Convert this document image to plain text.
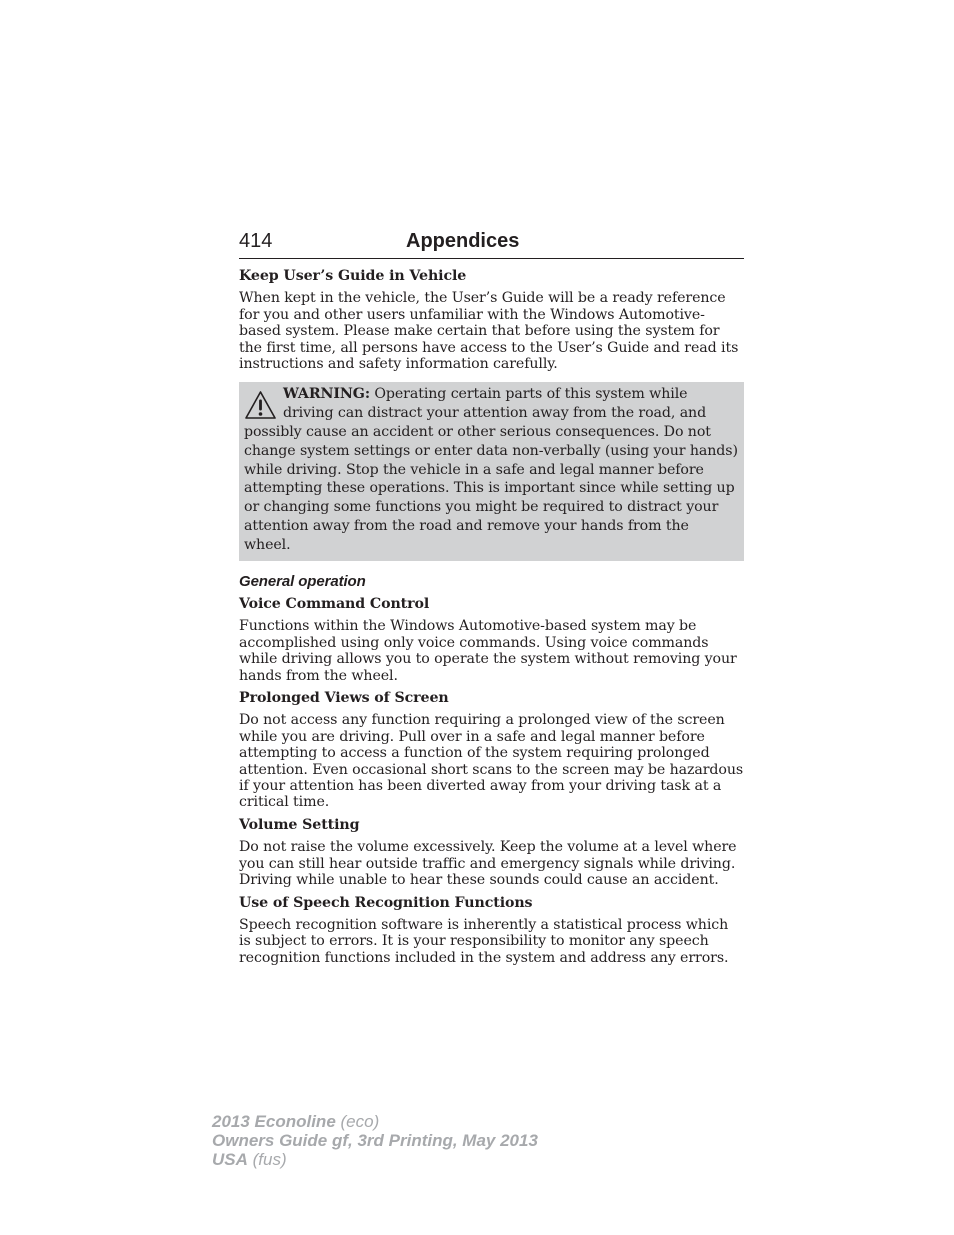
414	Appendices

Keep User’s Guide in Vehicle

When kept in the vehicle, the User’s Guide will be a ready reference for you and other users unfamiliar with the Windows Automotive-based system. Please make certain that before using the system for the first time, all persons have access to the User’s Guide and read its instructions and safety information carefully.

WARNING: Operating certain parts of this system while driving can distract your attention away from the road, and possibly cause an accident or other serious consequences. Do not change system settings or enter data non-verbally (using your hands) while driving. Stop the vehicle in a safe and legal manner before attempting these operations. This is important since while setting up or changing some functions you might be required to distract your attention away from the road and remove your hands from the wheel.

General operation

Voice Command Control

Functions within the Windows Automotive-based system may be accomplished using only voice commands. Using voice commands while driving allows you to operate the system without removing your hands from the wheel.

Prolonged Views of Screen

Do not access any function requiring a prolonged view of the screen while you are driving. Pull over in a safe and legal manner before attempting to access a function of the system requiring prolonged attention. Even occasional short scans to the screen may be hazardous if your attention has been diverted away from your driving task at a critical time.

Volume Setting

Do not raise the volume excessively. Keep the volume at a level where you can still hear outside traffic and emergency signals while driving. Driving while unable to hear these sounds could cause an accident.

Use of Speech Recognition Functions

Speech recognition software is inherently a statistical process which is subject to errors. It is your responsibility to monitor any speech recognition functions included in the system and address any errors.

2013 Econoline (eco)
Owners Guide gf, 3rd Printing, May 2013
USA (fus)
